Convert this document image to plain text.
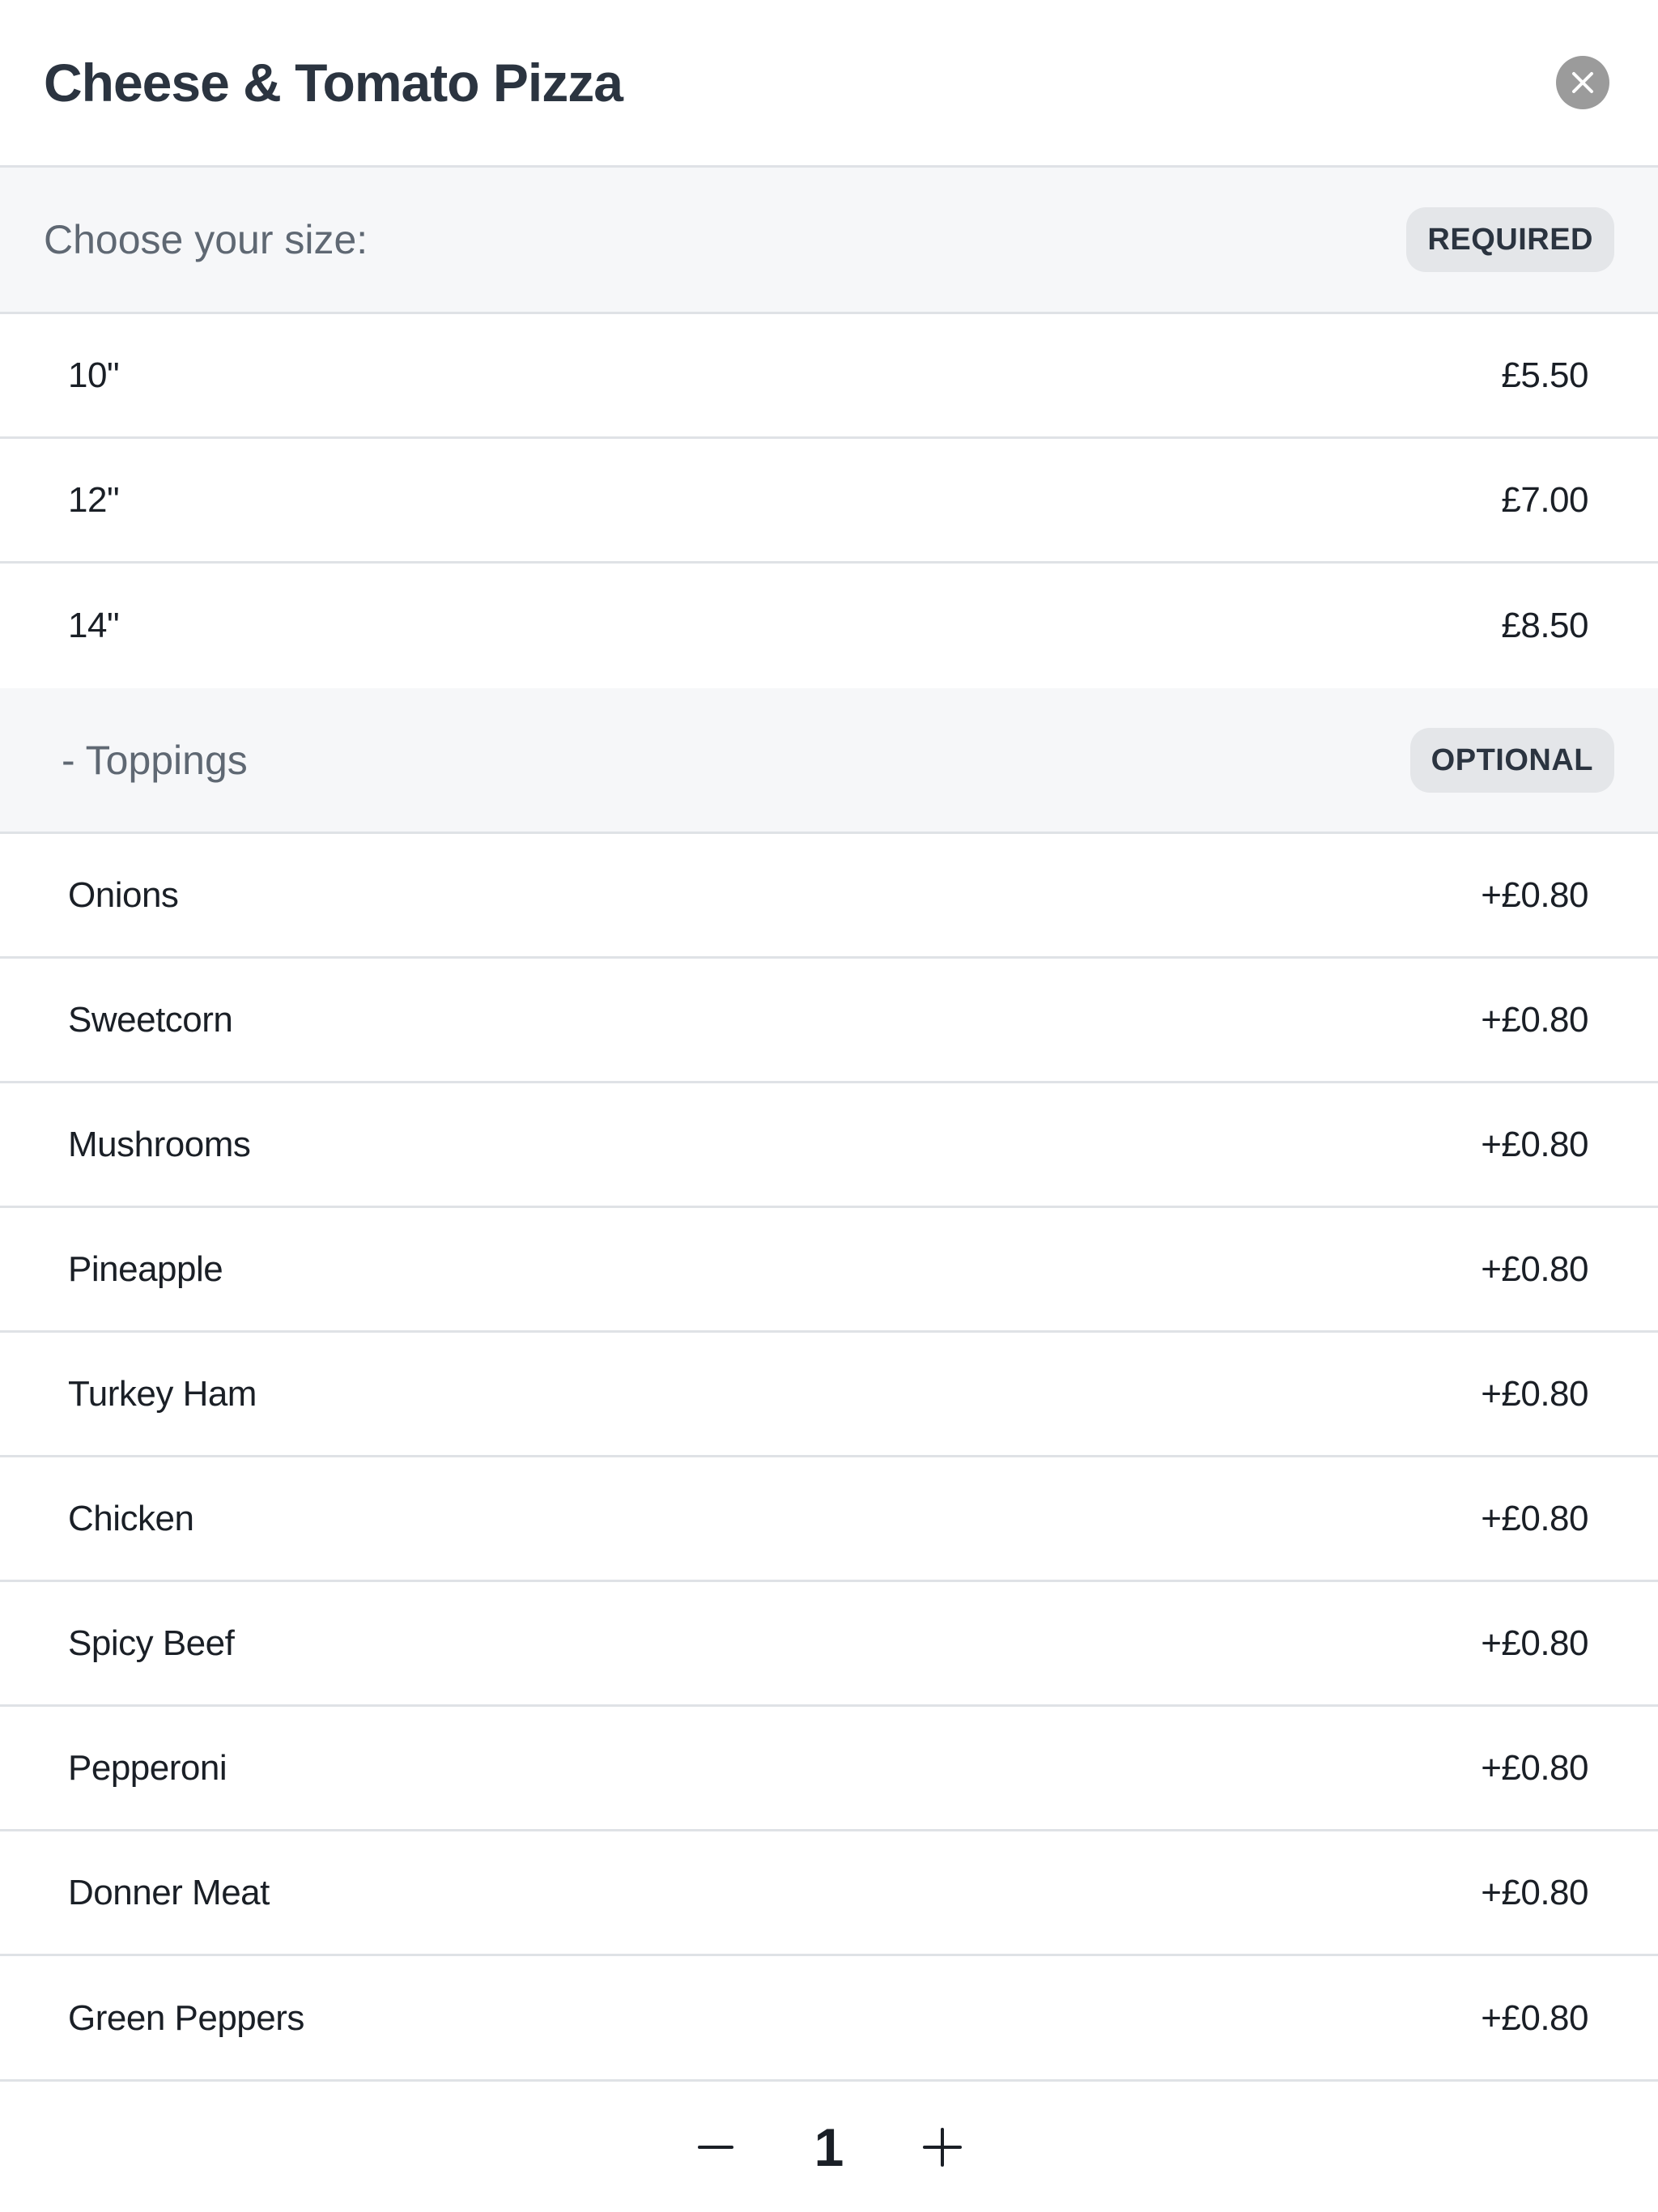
Cheese & Tomato Pizza
Choose your size:	REQUIRED
10"	£5.50
12"	£7.00
14"	£8.50
- Toppings	OPTIONAL
Onions	+£0.80
Sweetcorn	+£0.80
Mushrooms	+£0.80
Pineapple	+£0.80
Turkey Ham	+£0.80
Chicken	+£0.80
Spicy Beef	+£0.80
Pepperoni	+£0.80
Donner Meat	+£0.80
Green Peppers	+£0.80
1
